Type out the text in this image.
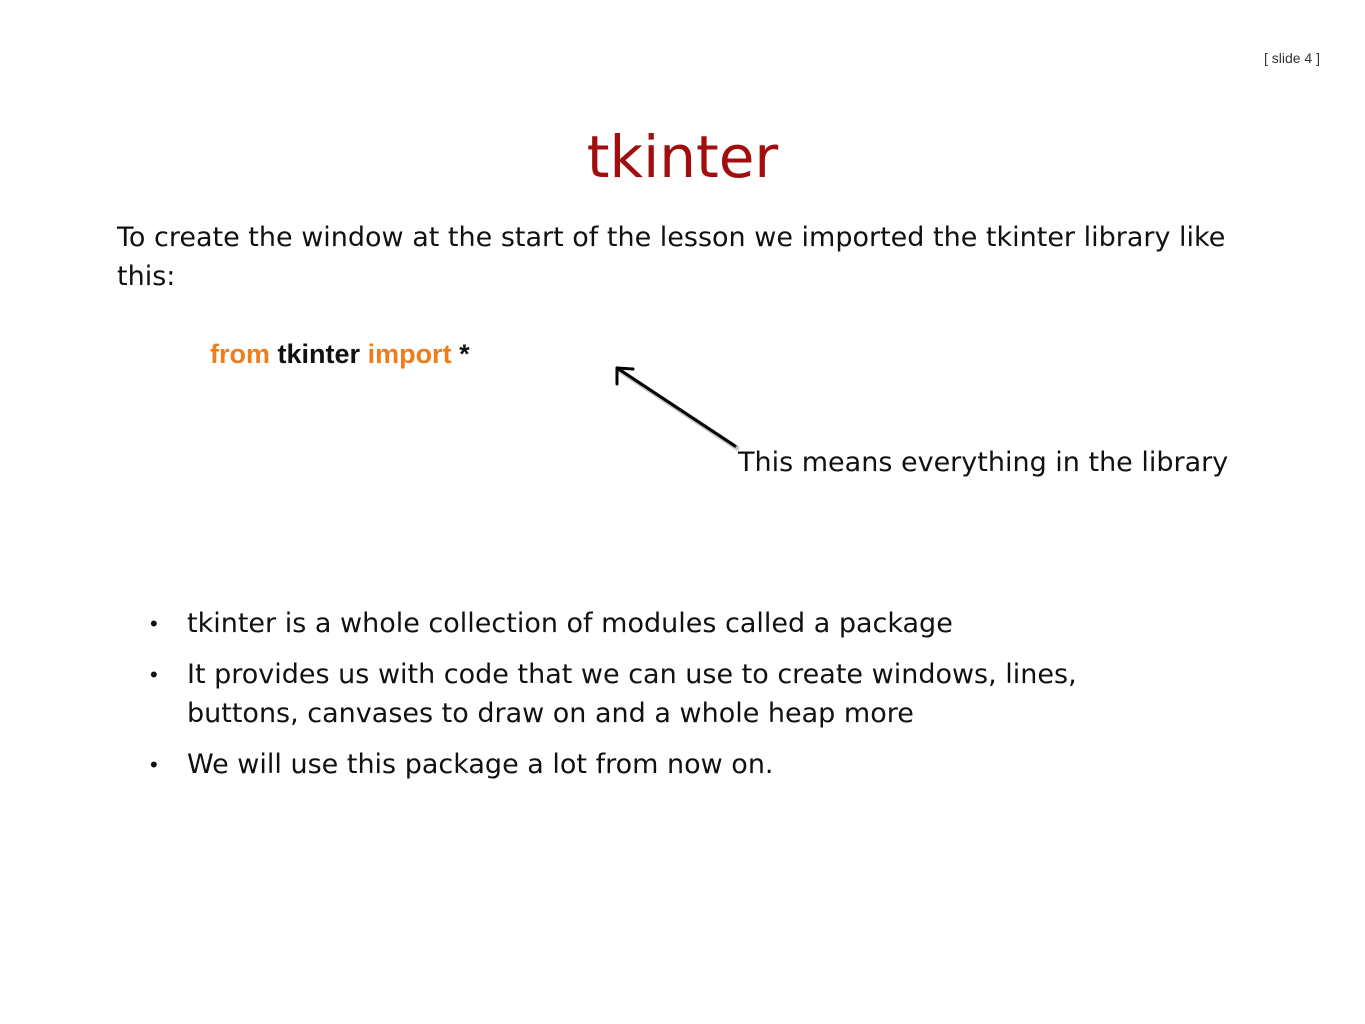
[ slide 4 ]
tkinter
To create the window at the start of the lesson we imported the tkinter library like this:
from tkinter import *
This means everything in the library
• tkinter is a whole collection of modules called a package
• It provides us with code that we can use to create windows, lines, buttons, canvases to draw on and a whole heap more
• We will use this package a lot from now on.
